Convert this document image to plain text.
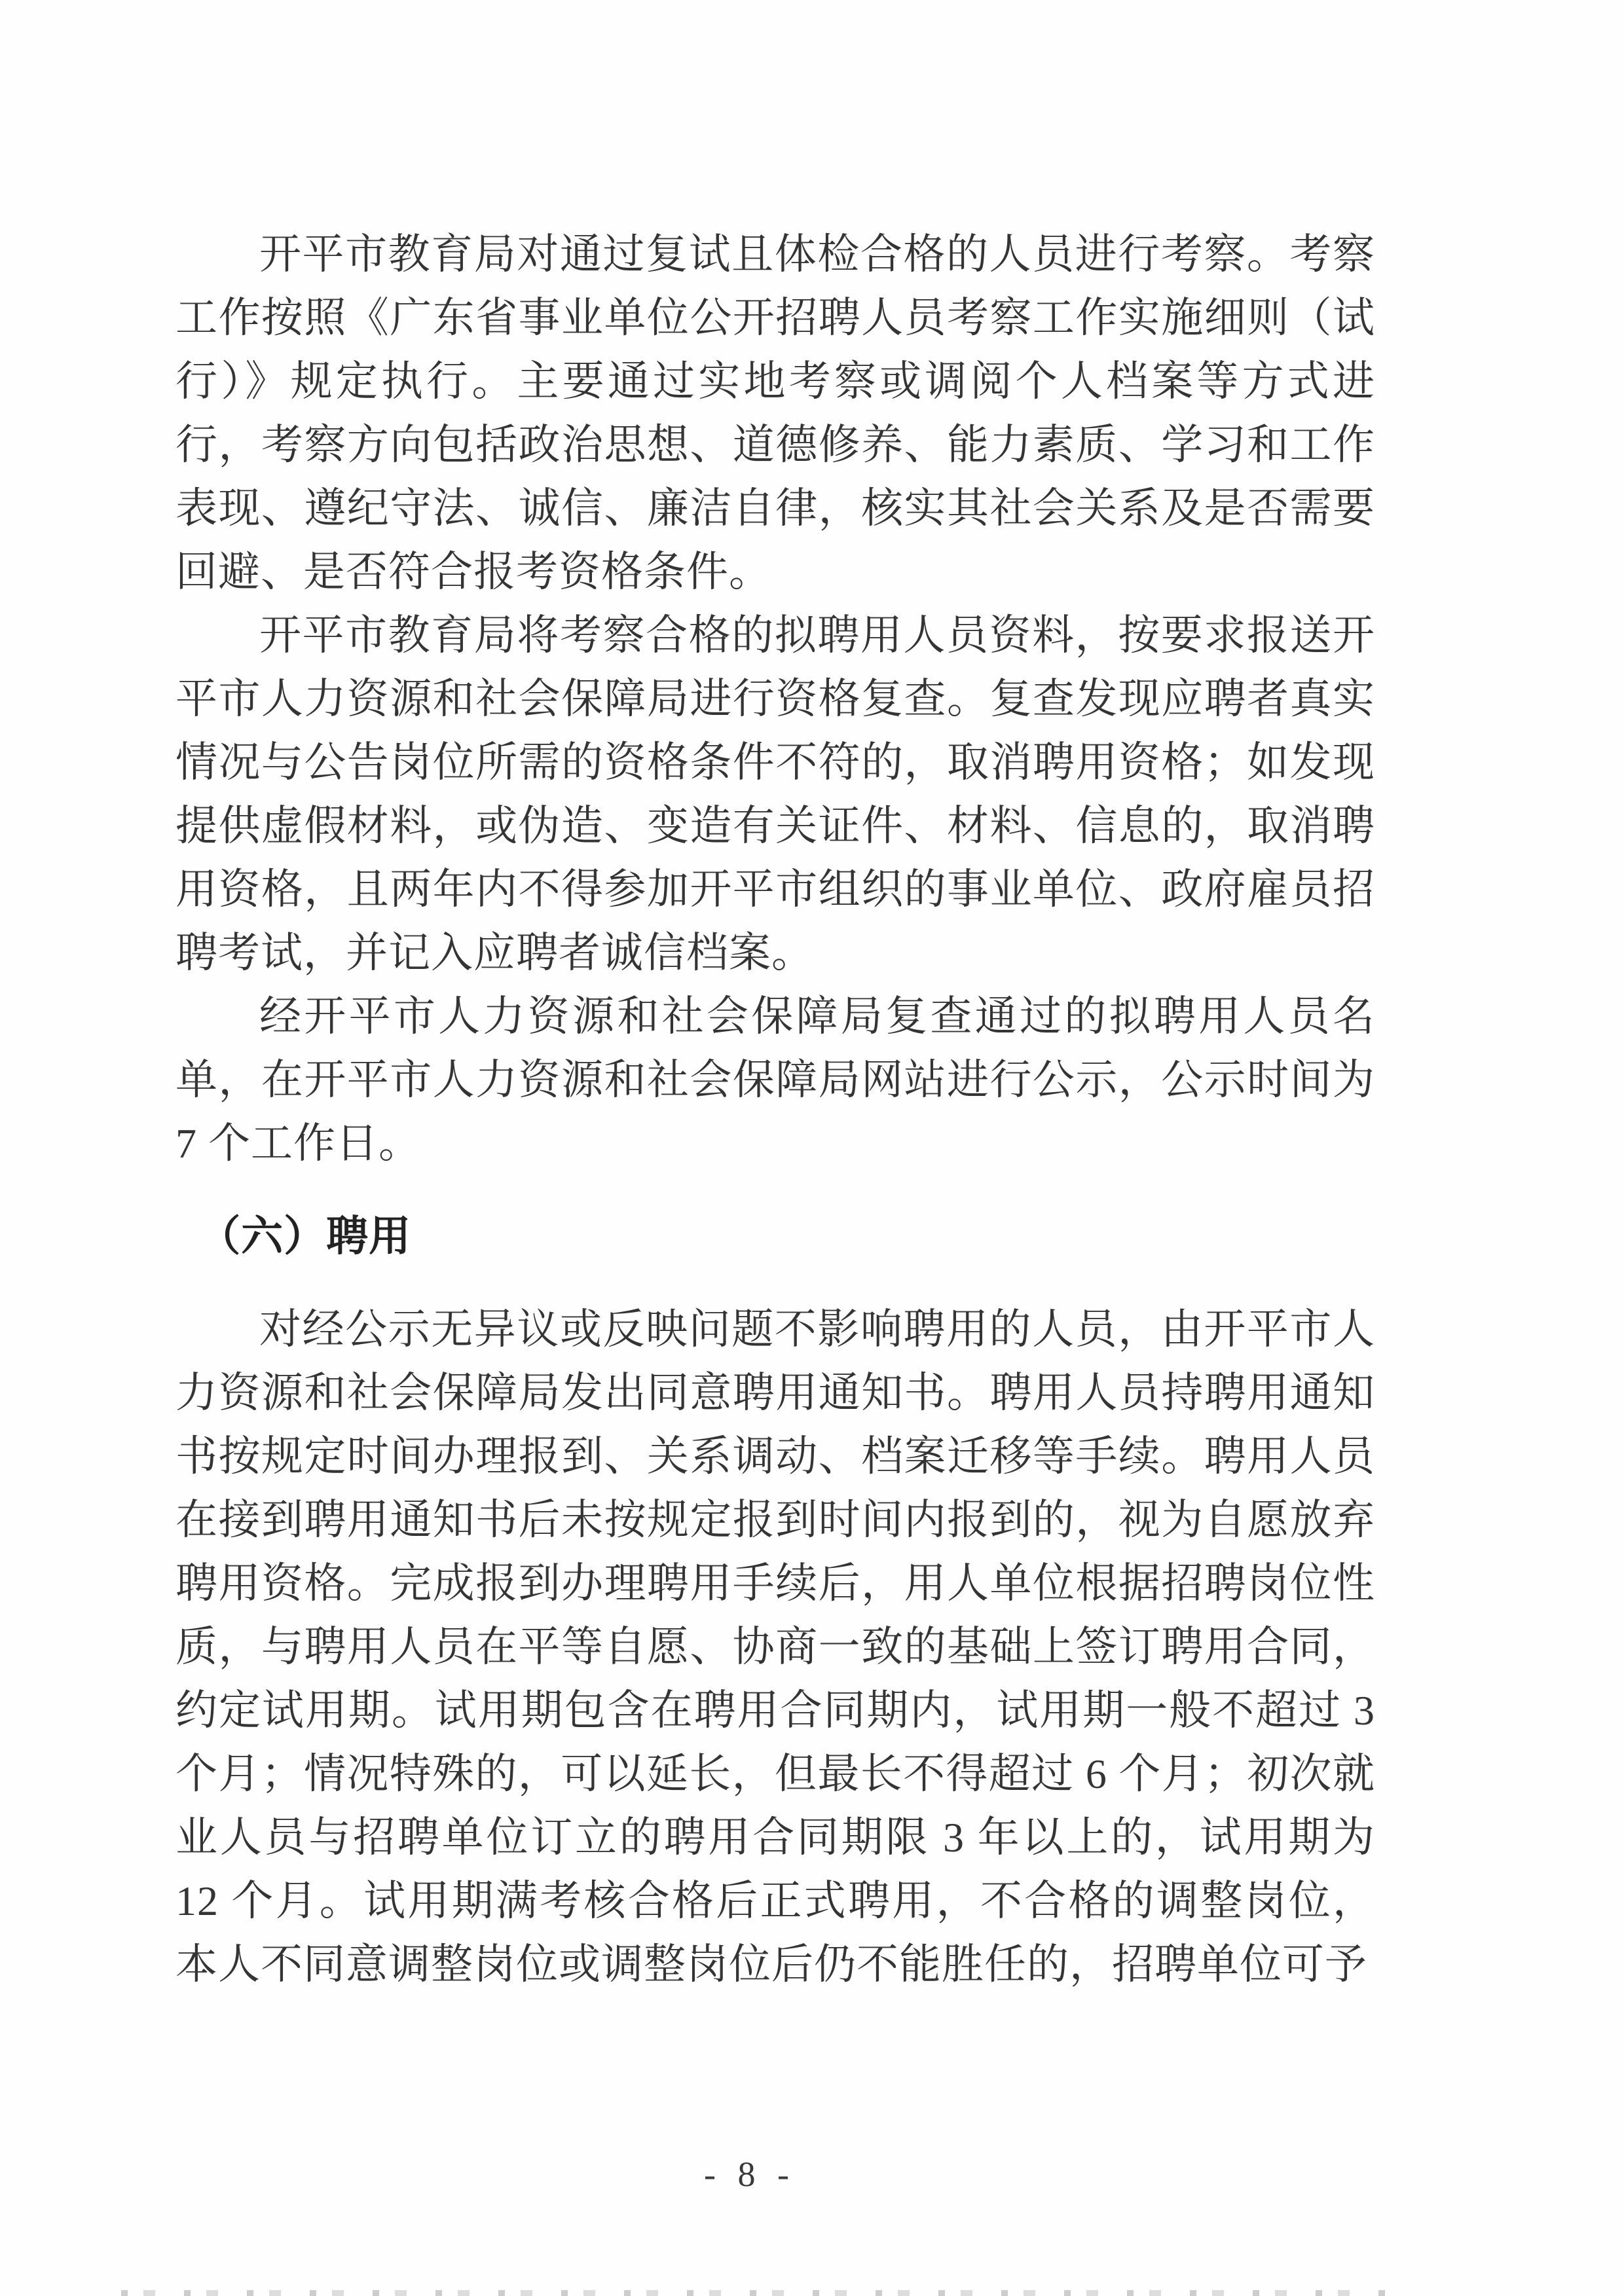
开平市教育局对通过复试且体检合格的人员进行考察。考察工作按照《广东省事业单位公开招聘人员考察工作实施细则（试行）》规定执行。主要通过实地考察或调阅个人档案等方式进行，考察方向包括政治思想、道德修养、能力素质、学习和工作表现、遵纪守法、诚信、廉洁自律，核实其社会关系及是否需要回避、是否符合报考资格条件。

开平市教育局将考察合格的拟聘用人员资料，按要求报送开平市人力资源和社会保障局进行资格复查。复查发现应聘者真实情况与公告岗位所需的资格条件不符的，取消聘用资格；如发现提供虚假材料，或伪造、变造有关证件、材料、信息的，取消聘用资格，且两年内不得参加开平市组织的事业单位、政府雇员招聘考试，并记入应聘者诚信档案。

经开平市人力资源和社会保障局复查通过的拟聘用人员名单，在开平市人力资源和社会保障局网站进行公示，公示时间为 7 个工作日。

（六）聘用

对经公示无异议或反映问题不影响聘用的人员，由开平市人力资源和社会保障局发出同意聘用通知书。聘用人员持聘用通知书按规定时间办理报到、关系调动、档案迁移等手续。聘用人员在接到聘用通知书后未按规定报到时间内报到的，视为自愿放弃聘用资格。完成报到办理聘用手续后，用人单位根据招聘岗位性质，与聘用人员在平等自愿、协商一致的基础上签订聘用合同，约定试用期。试用期包含在聘用合同期内，试用期一般不超过 3 个月；情况特殊的，可以延长，但最长不得超过 6 个月；初次就业人员与招聘单位订立的聘用合同期限 3 年以上的，试用期为 12 个月。试用期满考核合格后正式聘用，不合格的调整岗位，本人不同意调整岗位或调整岗位后仍不能胜任的，招聘单位可予

- 8 -
